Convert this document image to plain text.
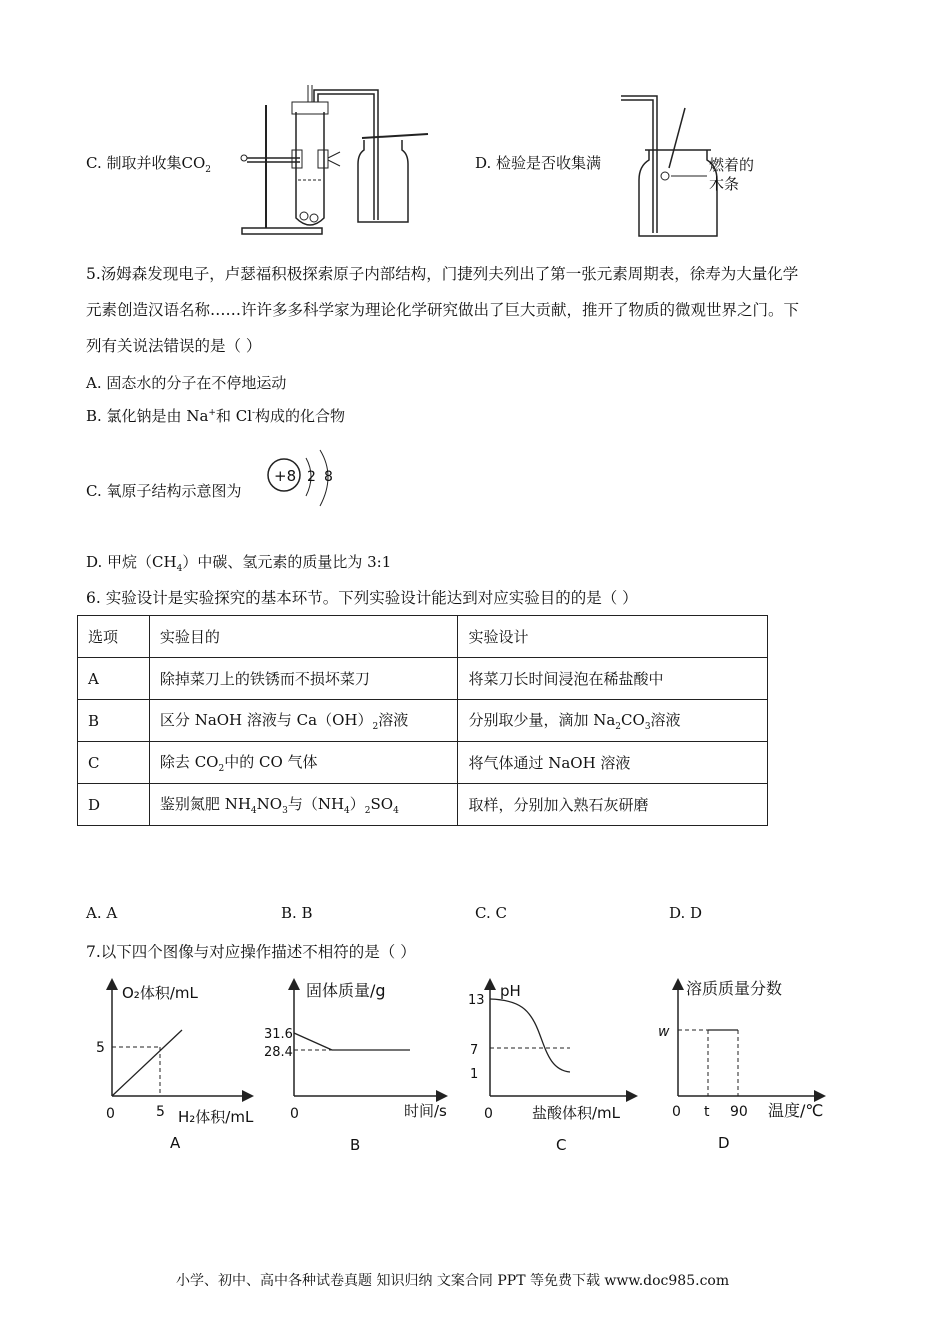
C. 制取并收集$CO_2$	D. 检验是否收集满	燃着的
木条
5.汤姆森发现电子，卢瑟福积极探索原子内部结构，门捷列夫列出了第一张元素周期表，徐寿为大量化学
元素创造汉语名称……许许多多科学家为理论化学研究做出了巨大贡献，推开了物质的微观世界之门。下
列有关说法错误的是（ ）
A. 固态水的分子在不停地运动
B. 氯化钠是由 Na+和 Cl-构成的化合物
C. 氧原子结构示意图为
+8 2 8
D. 甲烷$(CH_4)$中碳、氢元素的质量比为 3:1
6. 实验设计是实验探究的基本环节。下列实验设计能达到对应实验目的的是（ ）
选项	实验目的	实验设计
A	除掉菜刀上的铁锈而不损坏菜刀	将菜刀长时间浸泡在稀盐酸中
B	区分 NaOH 溶液与 $Ca(OH)_2$溶液	分别取少量，滴加 $Na_2CO_3$溶液
C	除去 $CO_2$中的 CO 气体	将气体通过 NaOH 溶液
D	鉴别氮肥 $NH_4NO_3$与$(NH_4)_2SO_4$	取样，分别加入熟石灰研磨
A. A	B. B	C. C	D. D
7.以下四个图像与对应操作描述不相符的是（ ）
O₂体积/mL
5
0	5 H₂体积/mL
A
固体质量/g
31.6
28.4
0	时间/s
B
pH
13
7
1
0	盐酸体积/mL
C
溶质质量分数
w
0 t 90 温度/℃
D
小学、初中、高中各种试卷真题 知识归纳 文案合同 PPT 等免费下载 www.doc985.com
